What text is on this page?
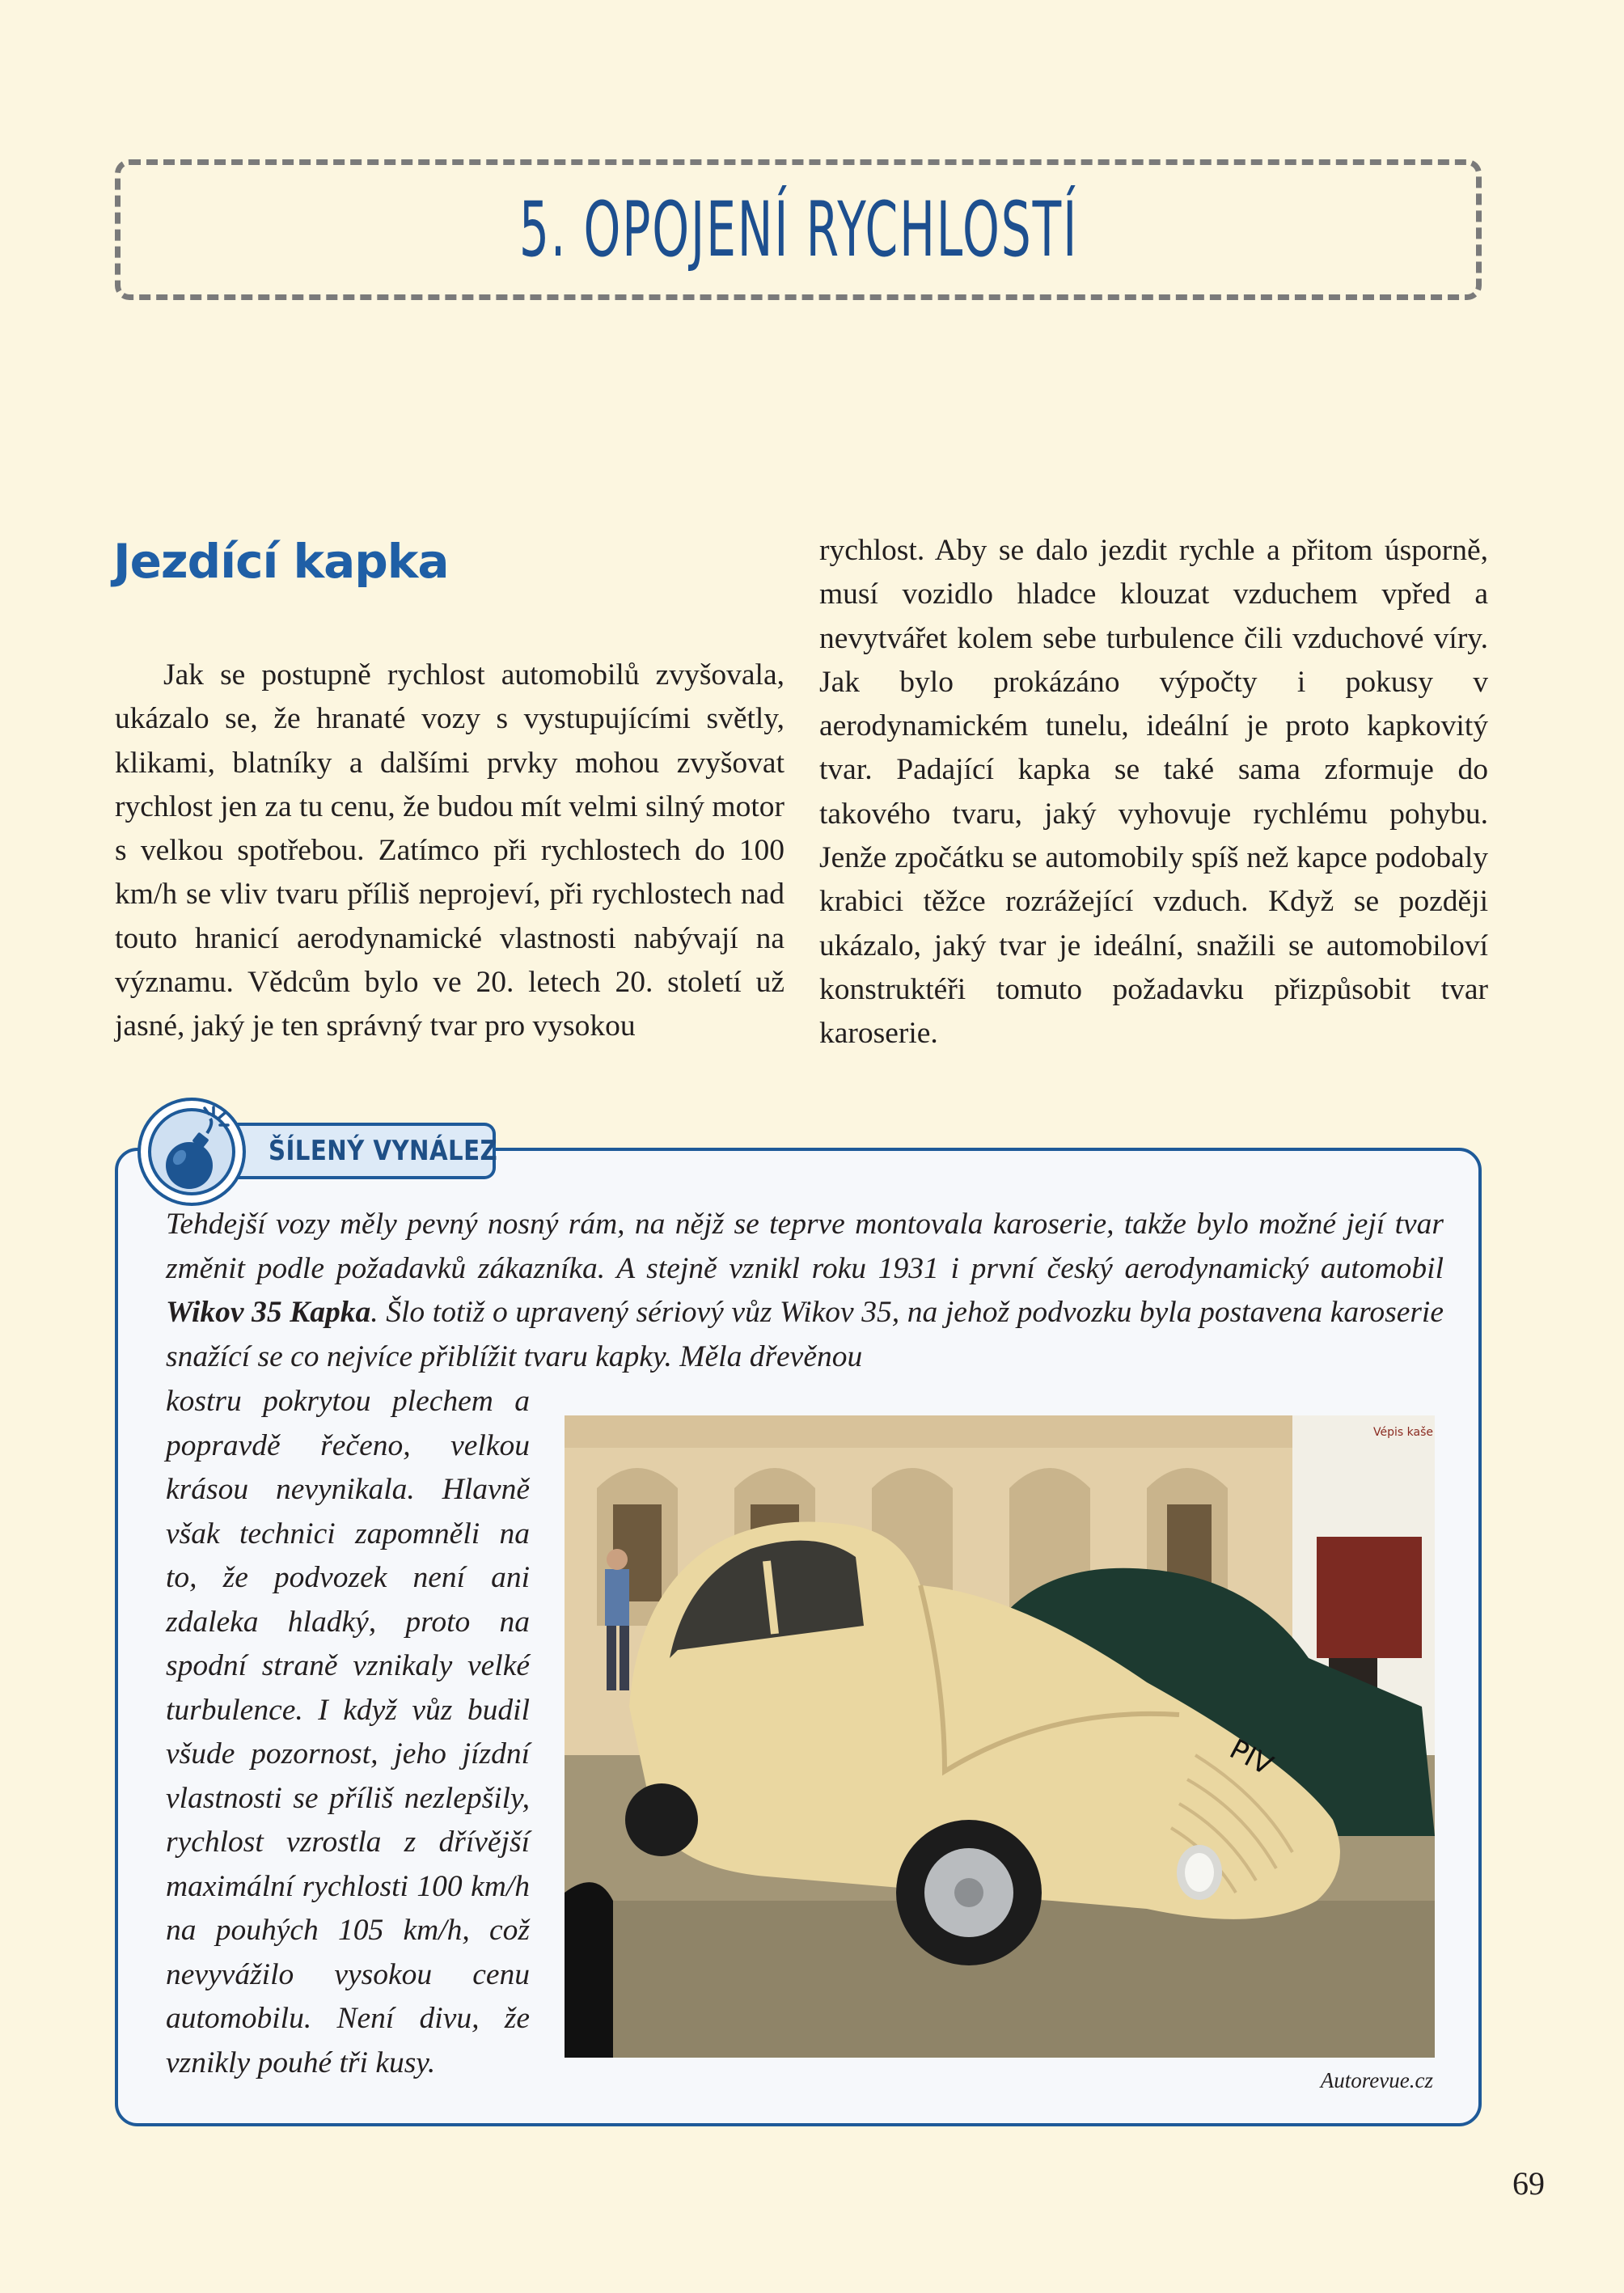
5. OPOJENÍ RYCHLOSTÍ
Jezdící kapka
Jak se postupně rychlost automobilů zvyšovala, ukázalo se, že hranaté vozy s vystupujícími světly, klikami, blatníky a dalšími prvky mohou zvyšovat rychlost jen za tu cenu, že budou mít velmi silný motor s velkou spotřebou. Zatímco při rychlostech do 100 km/h se vliv tvaru příliš neprojeví, při rychlostech nad touto hranicí aerodynamické vlastnosti nabývají na významu. Vědcům bylo ve 20. letech 20. století už jasné, jaký je ten správný tvar pro vysokou
rychlost. Aby se dalo jezdit rychle a přitom úsporně, musí vozidlo hladce klouzat vzduchem vpřed a nevytvářet kolem sebe turbulence čili vzduchové víry. Jak bylo prokázáno výpočty i pokusy v aerodynamickém tunelu, ideální je proto kapkovitý tvar. Padající kapka se také sama zformuje do takového tvaru, jaký vyhovuje rychlému pohybu. Jenže zpočátku se automobily spíš než kapce podobaly krabici těžce rozrážející vzduch. Když se později ukázalo, jaký tvar je ideální, snažili se automobiloví konstruktéři tomuto požadavku přizpůsobit tvar karoserie.
ŠÍLENÝ VYNÁLEZ
Tehdejší vozy měly pevný nosný rám, na nějž se teprve montovala karoserie, takže bylo možné její tvar změnit podle požadavků zákazníka. A stejně vznikl roku 1931 i první český aerodynamický automobil Wikov 35 Kapka. Šlo totiž o upravený sériový vůz Wikov 35, na jehož podvozku byla postavena karoserie snažící se co nejvíce přiblížit tvaru kapky. Měla dřevěnou
kostru pokrytou plechem a popravdě řečeno, velkou krásou nevynikala. Hlavně však technici zapomněli na to, že podvozek není ani zdaleka hladký, proto na spodní straně vznikaly velké turbulence. I když vůz budil všude pozornost, jeho jízdní vlastnosti se příliš nezlepšily, rychlost vzrostla z dřívější maximální rychlosti 100 km/h na pouhých 105 km/h, což nevyvážilo vysokou cenu automobilu. Není divu, že vznikly pouhé tři kusy.
Vépis kaše
PIV
Autorevue.cz
69
